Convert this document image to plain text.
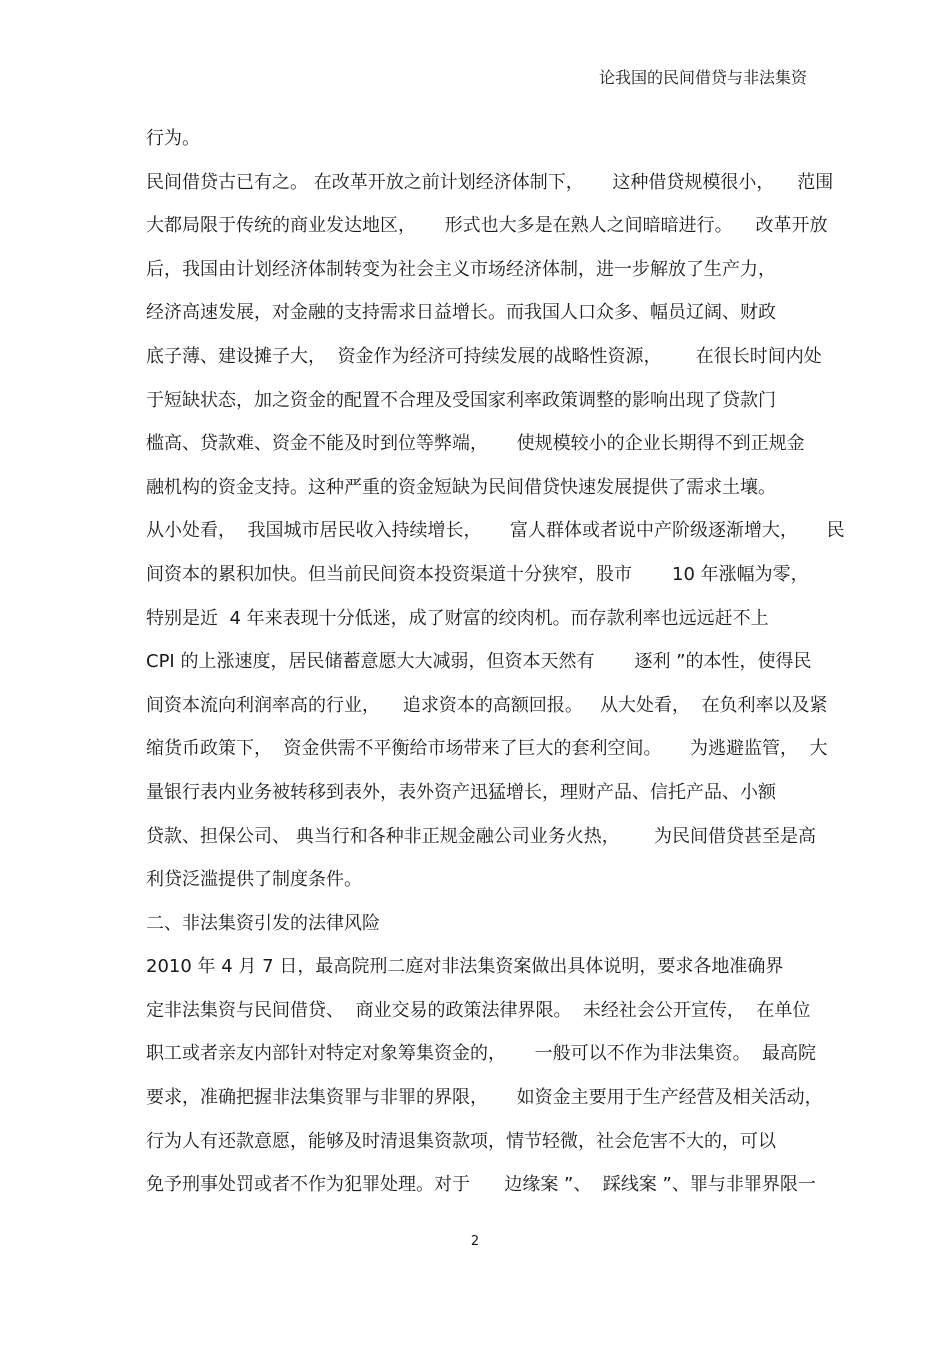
论我国的民间借贷与非法集资
行为。
民间借贷古已有之。 在改革开放之前计划经济体制下，     这种借贷规模很小，    范围
大都局限于传统的商业发达地区，     形式也大多是在熟人之间暗暗进行。    改革开放
后，我国由计划经济体制转变为社会主义市场经济体制，进一步解放了生产力，
经济高速发展，对金融的支持需求日益增长。而我国人口众多、幅员辽阔、财政
底子薄、建设摊子大，  资金作为经济可持续发展的战略性资源，      在很长时间内处
于短缺状态，加之资金的配置不合理及受国家利率政策调整的影响出现了贷款门
槛高、贷款难、资金不能及时到位等弊端，     使规模较小的企业长期得不到正规金
融机构的资金支持。这种严重的资金短缺为民间借贷快速发展提供了需求土壤。
从小处看，  我国城市居民收入持续增长，     富人群体或者说中产阶级逐渐增大，     民
间资本的累积加快。但当前民间资本投资渠道十分狭窄，股市       10 年涨幅为零，
特别是近  4 年来表现十分低迷，成了财富的绞肉机。而存款利率也远远赶不上
CPI 的上涨速度，居民储蓄意愿大大减弱，但资本天然有       逐利 ”的本性，使得民
间资本流向利润率高的行业，    追求资本的高额回报。   从大处看，  在负利率以及紧
缩货币政策下，  资金供需不平衡给市场带来了巨大的套利空间。     为逃避监管，  大
量银行表内业务被转移到表外，表外资产迅猛增长，理财产品、信托产品、小额
贷款、担保公司、 典当行和各种非正规金融公司业务火热，      为民间借贷甚至是高
利贷泛滥提供了制度条件。
二、非法集资引发的法律风险
2010 年 4 月 7 日，最高院刑二庭对非法集资案做出具体说明，要求各地准确界
定非法集资与民间借贷、  商业交易的政策法律界限。  未经社会公开宣传，  在单位
职工或者亲友内部针对特定对象筹集资金的，     一般可以不作为非法集资。  最高院
要求，准确把握非法集资罪与非罪的界限，     如资金主要用于生产经营及相关活动，
行为人有还款意愿，能够及时清退集资款项，情节轻微，社会危害不大的，可以
免予刑事处罚或者不作为犯罪处理。对于      边缘案 ”、  踩线案 ”、罪与非罪界限一
2
